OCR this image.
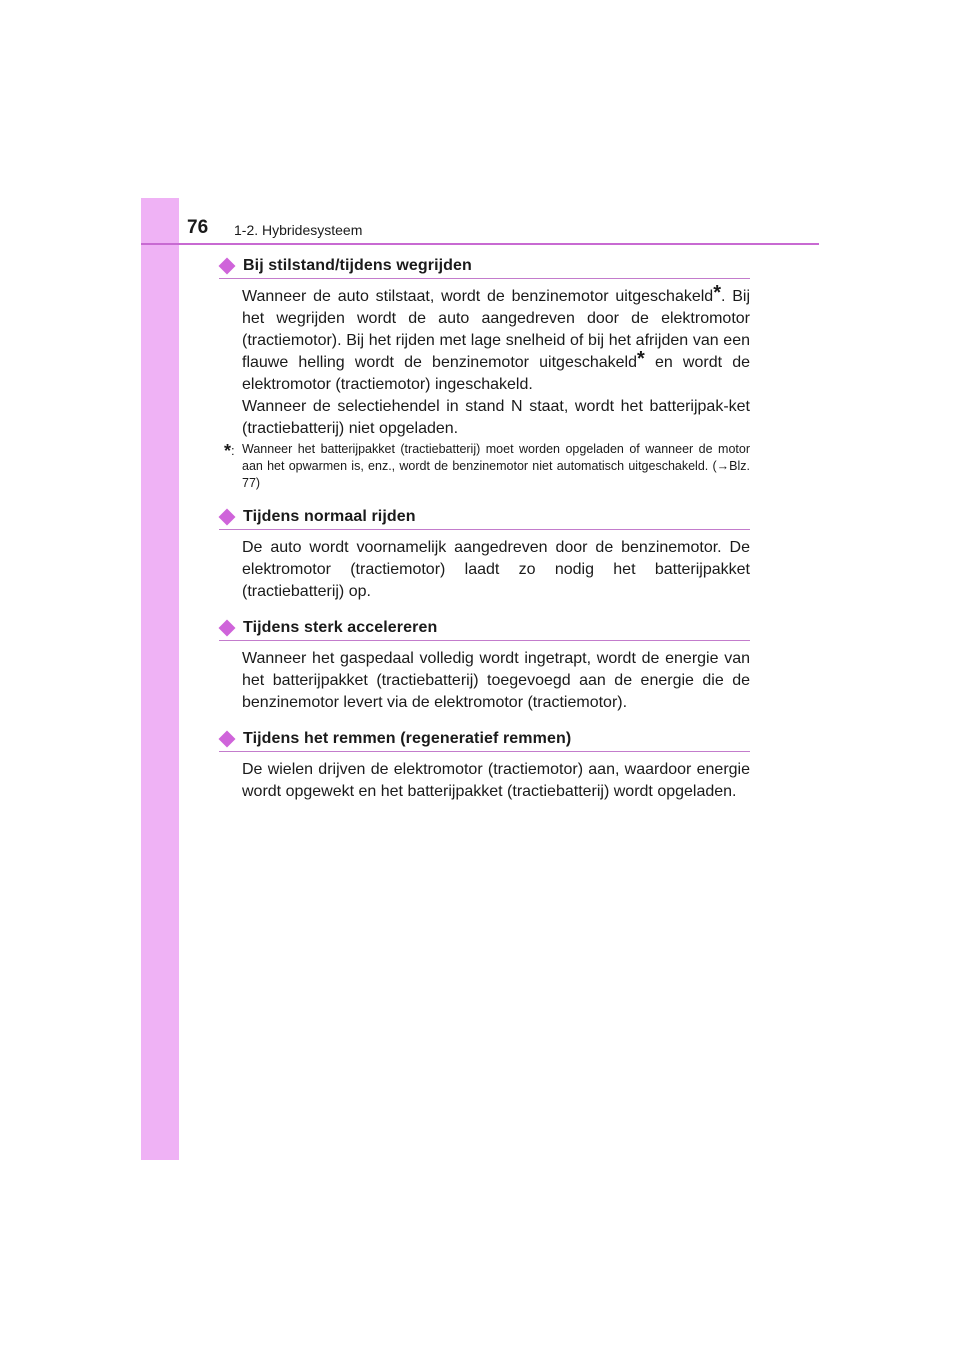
76 1-2. Hybridesysteem
Bij stilstand/tijdens wegrijden

Wanneer de auto stilstaat, wordt de benzinemotor uitgeschakeld*. Bij het wegrijden wordt de auto aangedreven door de elektromotor (tractiemotor). Bij het rijden met lage snelheid of bij het afrijden van een flauwe helling wordt de benzinemotor uitgeschakeld* en wordt de elektromotor (tractiemotor) ingeschakeld.

Wanneer de selectiehendel in stand N staat, wordt het batterijpak-ket (tractiebatterij) niet opgeladen.

*: Wanneer het batterijpakket (tractiebatterij) moet worden opgeladen of wanneer de motor aan het opwarmen is, enz., wordt de benzinemotor niet automatisch uitgeschakeld. (→Blz. 77)
Tijdens normaal rijden
De auto wordt voornamelijk aangedreven door de benzinemotor. De elektromotor (tractiemotor) laadt zo nodig het batterijpakket (tractiebatterij) op.
Tijdens sterk accelereren
Wanneer het gaspedaal volledig wordt ingetrapt, wordt de energie van het batterijpakket (tractiebatterij) toegevoegd aan de energie die de benzinemotor levert via de elektromotor (tractiemotor).
Tijdens het remmen (regeneratief remmen)
De wielen drijven de elektromotor (tractiemotor) aan, waardoor energie wordt opgewekt en het batterijpakket (tractiebatterij) wordt opgeladen.
